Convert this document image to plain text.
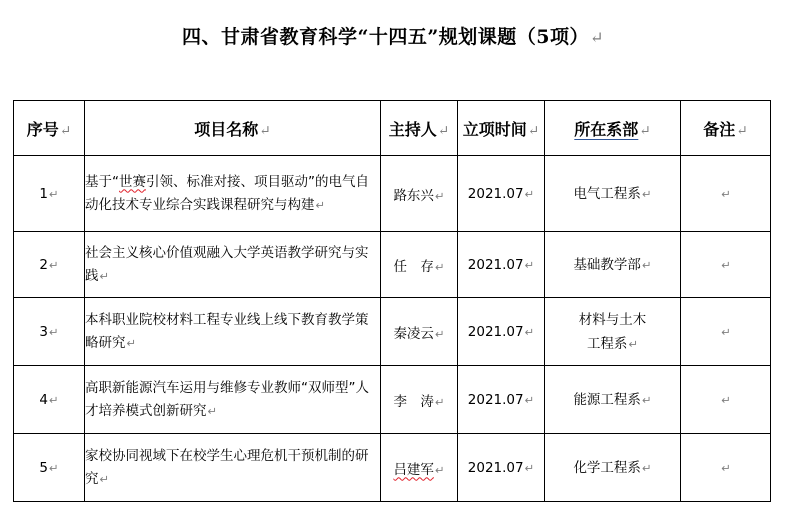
四、甘肃省教育科学“十四五”规划课题（5项）↵
序号↵	项目名称↵	主持人↵	立项时间↵	所在系部↵	备注↵
1↵	基于“世赛引领、标准对接、项目驱动”的电气自动化技术专业综合实践课程研究与构建↵	路东兴↵	2021.07↵	电气工程系↵	↵
2↵	社会主义核心价值观融入大学英语教学研究与实践↵	任　存↵	2021.07↵	基础教学部↵	↵
3↵	本科职业院校材料工程专业线上线下教育教学策略研究↵	秦凌云↵	2021.07↵	材料与土木工程系↵	↵
4↵	高职新能源汽车运用与维修专业教师“双师型”人才培养模式创新研究↵	李　涛↵	2021.07↵	能源工程系↵	↵
5↵	家校协同视域下在校学生心理危机干预机制的研究↵	吕建军↵	2021.07↵	化学工程系↵	↵
